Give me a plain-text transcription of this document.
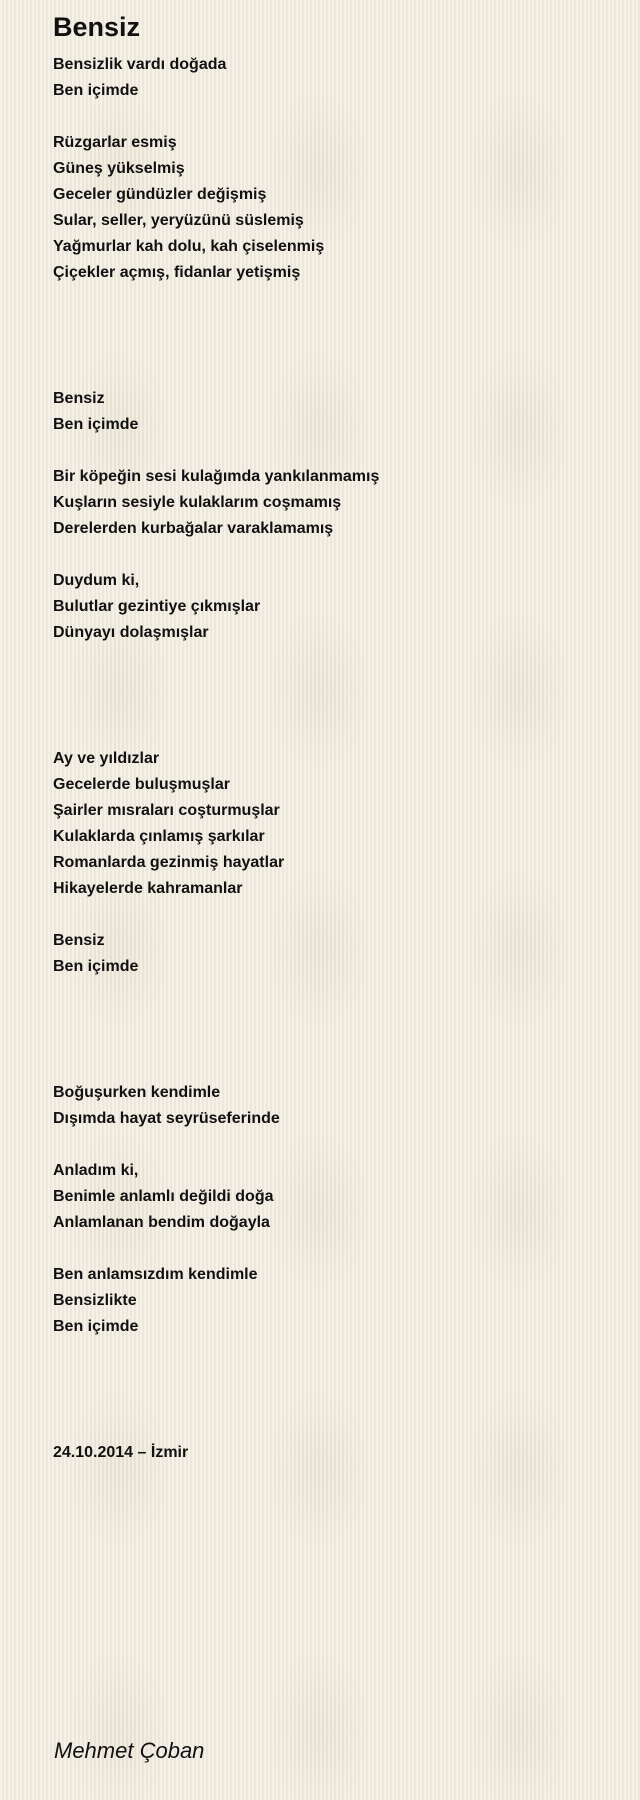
Bensiz
Bensizlik vardı doğada
Ben içimde
Rüzgarlar esmiş
Güneş yükselmiş
Geceler gündüzler değişmiş
Sular, seller, yeryüzünü süslemiş
Yağmurlar kah dolu, kah çiselenmiş
Çiçekler açmış, fidanlar yetişmiş
Bensiz
Ben içimde
Bir köpeğin sesi kulağımda yankılanmamış
Kuşların sesiyle kulaklarım coşmamış
Derelerden kurbağalar varaklamamış
Duydum ki,
Bulutlar gezintiye çıkmışlar
Dünyayı dolaşmışlar
Ay ve yıldızlar
Gecelerde buluşmuşlar
Şairler mısraları coşturmuşlar
Kulaklarda çınlamış şarkılar
Romanlarda gezinmiş hayatlar
Hikayelerde kahramanlar
Bensiz
Ben içimde
Boğuşurken kendimle
Dışımda hayat seyrüseferinde
Anladım ki,
Benimle anlamlı değildi doğa
Anlamlanan bendim doğayla
Ben anlamsızdım kendimle
Bensizlikte
Ben içimde
24.10.2014 – İzmir
Mehmet Çoban
